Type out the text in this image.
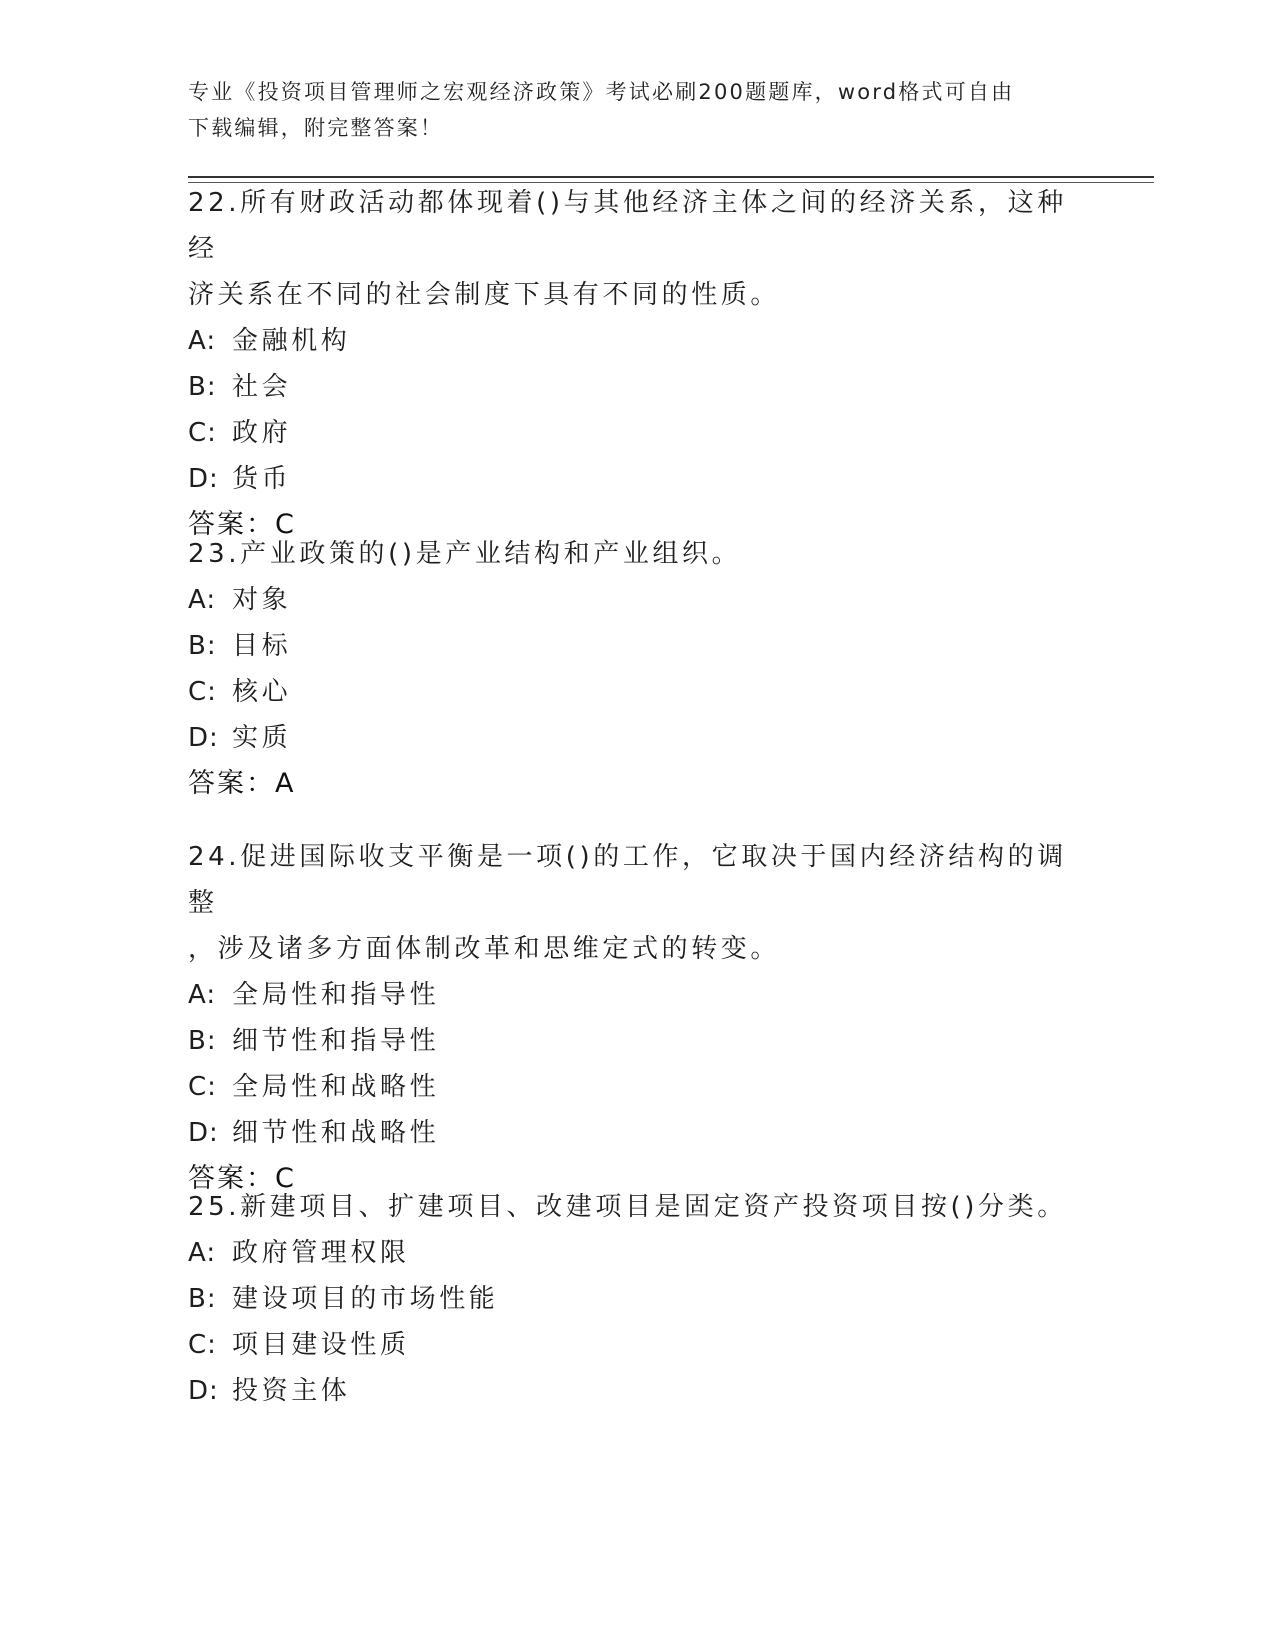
专业《投资项目管理师之宏观经济政策》考试必刷200题题库，word格式可自由
下载编辑，附完整答案！
22.所有财政活动都体现着()与其他经济主体之间的经济关系，这种经
济关系在不同的社会制度下具有不同的性质。
A: 金融机构
B: 社会
C: 政府
D: 货币
答案：C
23.产业政策的()是产业结构和产业组织。
A: 对象
B: 目标
C: 核心
D: 实质
答案：A
24.促进国际收支平衡是一项()的工作，它取决于国内经济结构的调整
，涉及诸多方面体制改革和思维定式的转变。
A: 全局性和指导性
B: 细节性和指导性
C: 全局性和战略性
D: 细节性和战略性
答案：C
25.新建项目、扩建项目、改建项目是固定资产投资项目按()分类。
A: 政府管理权限
B: 建设项目的市场性能
C: 项目建设性质
D: 投资主体
